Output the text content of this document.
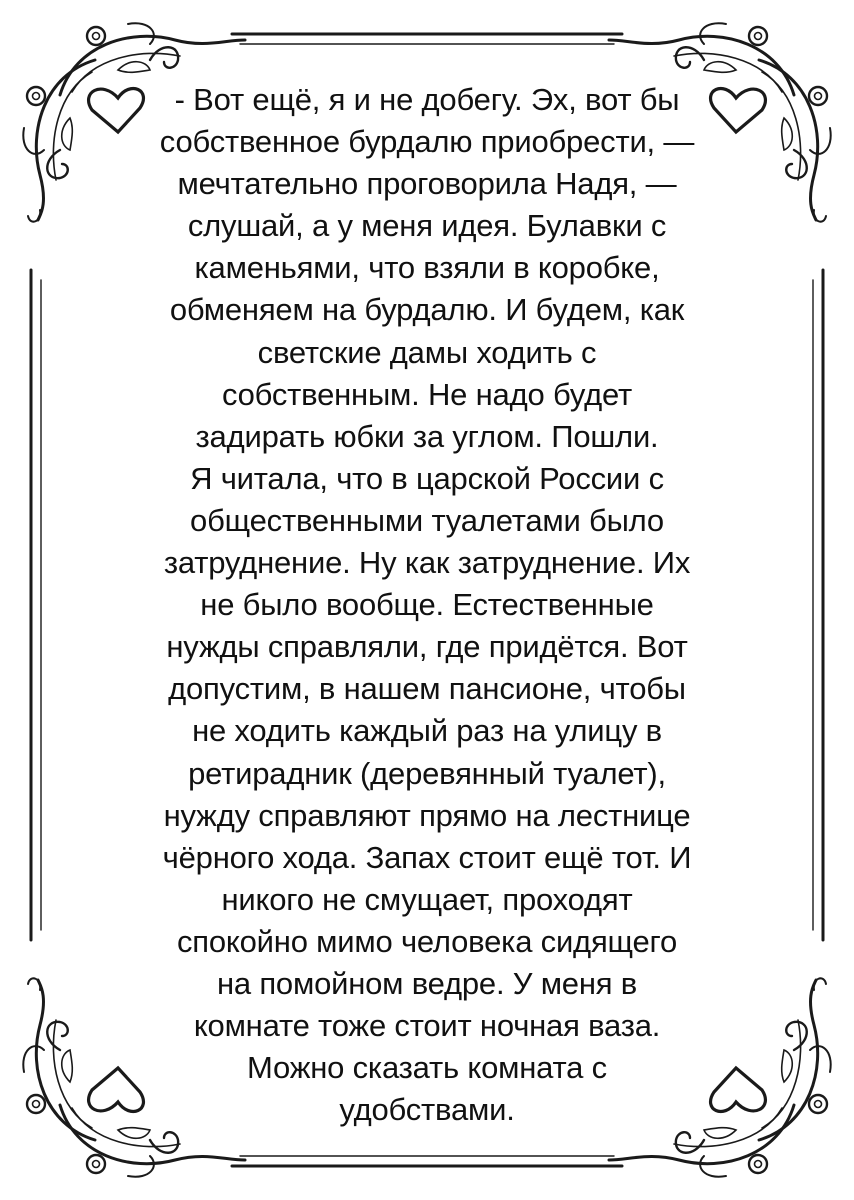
- Вот ещё, я и не добегу. Эх, вот бы
собственное бурдалю приобрести, —
мечтательно проговорила Надя, —
слушай, а у меня идея. Булавки с
каменьями, что взяли в коробке,
обменяем на бурдалю. И будем, как
светские дамы ходить с
собственным. Не надо будет
задирать юбки за углом. Пошли.
Я читала, что в царской России с
общественными туалетами было
затруднение. Ну как затруднение. Их
не было вообще. Естественные
нужды справляли, где придётся. Вот
допустим, в нашем пансионе, чтобы
не ходить каждый раз на улицу в
ретирадник (деревянный туалет),
нужду справляют прямо на лестнице
чёрного хода. Запах стоит ещё тот. И
никого не смущает, проходят
спокойно мимо человека сидящего
на помойном ведре. У меня в
комнате тоже стоит ночная ваза.
Можно сказать комната с
удобствами.
